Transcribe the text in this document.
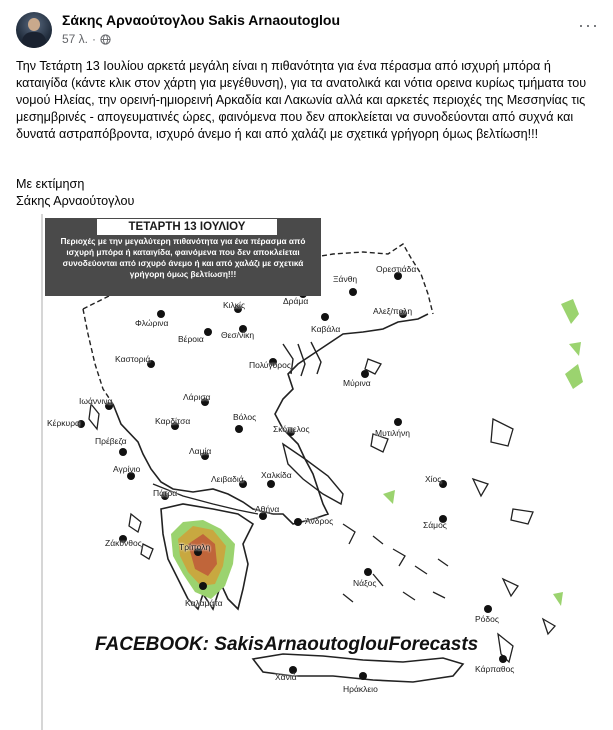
Σάκης Αρναούτογλου Sakis Arnaoutoglou
57 λ. ·
···
Την Τετάρτη 13 Ιουλίου αρκετά μεγάλη είναι η πιθανότητα για ένα πέρασμα από ισχυρή μπόρα ή καταιγίδα (κάντε κλικ στον χάρτη για μεγέθυνση), για τα ανατολικά και νότια ορεινα κυρίως τμήματα του νομού Ηλείας, την ορεινή-ημιορεινή Αρκαδία και Λακωνία αλλά και αρκετές περιοχές της Μεσσηνίας τις μεσημβρινές - απογευματινές ώρες, φαινόμενα που δεν αποκλείεται να συνοδεύονται από συχνά και δυνατά αστραπόβροντα, ισχυρό άνεμο ή και από χαλάζι με σχετικά γρήγορη όμως βελτίωση!!!
Με εκτίμηση
Σάκης Αρναούτογλου
ΤΕΤΑΡΤΗ 13 ΙΟΥΛΙΟΥ
Περιοχές με την μεγαλύτερη πιθανότητα για ένα πέρασμα από ισχυρή μπόρα ή καταιγίδα, φαινόμενα που δεν αποκλείεται συνοδεύονται από ισχυρό άνεμο ή και από χαλάζι με σχετικά γρήγορη όμως βελτίωση!!!	Ορεστιάδα
Δράμα
Ξάνθη
Αλεξ/πολη
Κιλκίς
Φλώρινα
Βέροια Θεσ/νίκη
Καβάλα
Πολύγυρος
Καστοριά
Μύρινα
Ιωάννινα	Λάρισα
Κέρκυρα	Καρδίτσα	Βόλος
Σκόπελος	Μυτιλήνη
Πρέβεζα
Λαμία
Αγρίνιο
Λειβαδιά Χαλκίδα	Χίος
Πάτρα
Αθήνα
Άνδρος	Σάμος
Ζάκυνθος	Τρίπολη
Καλαμάτα
Νάξος
Ρόδος
Κάρπαθος
Χανιά
Ηράκλειο
FACEBOOK: SakisArnaoutoglouForecasts
